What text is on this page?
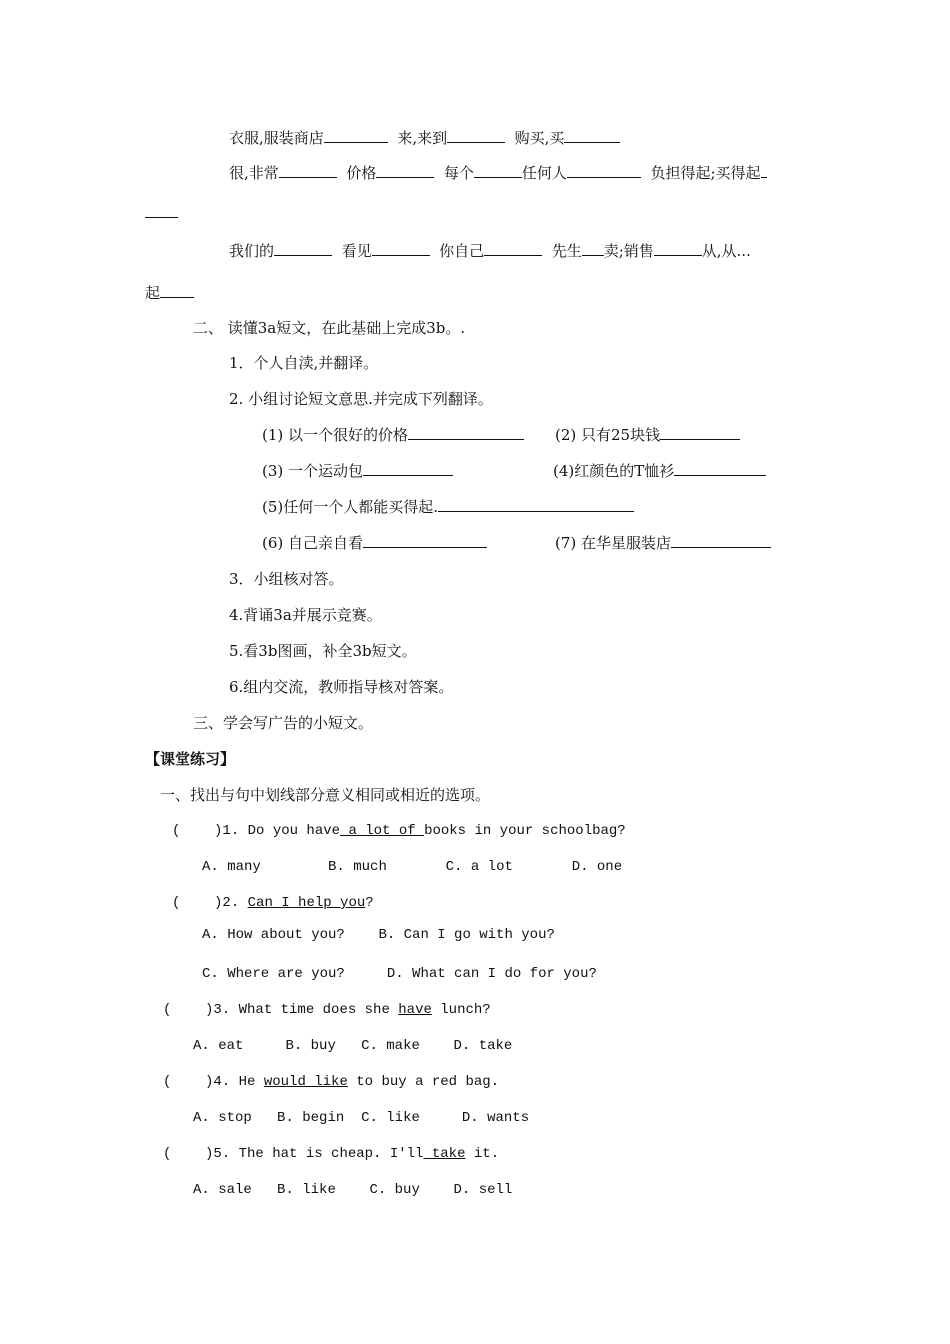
衣服,服装商店	来,来到	购买,买
很,非常	价格	每个	任何人	负担得起;买得起
我们的	看见	你自己	先生 卖;销售	从,从...
起
二、 读懂3a短文，在此基础上完成3b。.
1．个人自渎,并翻译。
2. 小组讨论短文意思.并完成下列翻译。
(1) 以一个很好的价格	(2) 只有25块钱
(3) 一个运动包	(4)红颜色的T恤衫
(5)任何一个人都能买得起.
(6) 自己亲自看	(7) 在华星服装店
3．小组核对答。
4.背诵3a并展示竞赛。
5.看3b图画，补全3b短文。
6.组内交流，教师指导核对答案。
三、学会写广告的小短文。
【课堂练习】
一、找出与句中划线部分意义相同或相近的选项。
(    )1. Do you have a lot of books in your schoolbag?
A. many	B. much	C. a lot	D. one
(    )2. Can I help you?
A. How about you? B. Can I go with you?
C. Where are you?	D. What can I do for you?
(    )3. What time does she have lunch?
A. eat	B. buy C. make D. take
(    )4. He would like to buy a red bag.
A. stop B. begin C. like	D. wants
(    )5. The hat is cheap. I'll take it.
A. sale B. like C. buy D. sell
